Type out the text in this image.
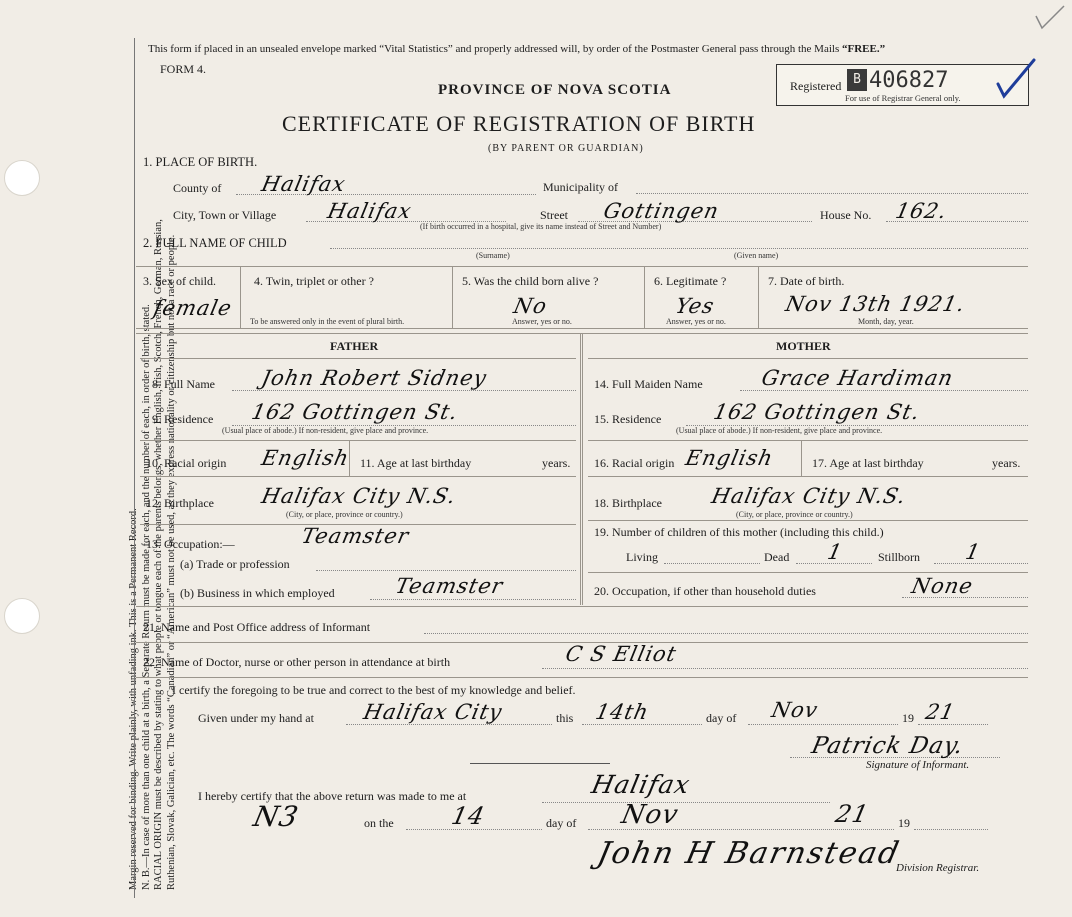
Margin reserved for binding. Write plainly, with unfading ink. This is a Permanent Record. N. B.—In case of more than one child at a birth, a Separate Return must be made for each, and the number of each, in order of birth, stated. RACIAL ORIGIN must be described by stating to what people or tongue each of the parents belongs, whether English, Irish, Scotch, French, German, Russian, Ruthenian, Slovak, Galician, etc. The words “Canadian” or “American” must not be used, as they express nationality or citizenship but not a race or people.
This form if placed in an unsealed envelope marked “Vital Statistics” and properly addressed will, by order of the Postmaster General pass through the Mails “FREE.”
FORM 4.
PROVINCE OF NOVA SCOTIA
CERTIFICATE OF REGISTRATION OF BIRTH
(BY PARENT OR GUARDIAN)
Registered B 406827
For use of Registrar General only.
1. PLACE OF BIRTH.
County of Halifax	Municipality of
City, Town or Village Halifax
(If birth occurred in a hospital, give its name instead of Street and Number)
Street Gottingen	House No. 162.
2. FULL NAME OF CHILD
(Surname)	(Given name)
3. Sex of child.
female
4. Twin, triplet or other ?
To be answered only in the event of plural birth.
5. Was the child born alive ?
No
Answer, yes or no.
6. Legitimate ?
Yes
Answer, yes or no.
7. Date of birth.
Nov 13th 1921.
Month, day, year.
FATHER
8. Full Name John Robert Sidney
9. Residence 162 Gottingen St.
(Usual place of abode.) If non-resident, give place and province.
10. Racial origin English 11. Age at last birthday	years.
12. Birthplace Halifax City N.S.
(City, or place, province or country.)
13. Occupation:—	Teamster
(a) Trade or profession
(b) Business in which employed	Teamster
MOTHER
14. Full Maiden Name	Grace Hardiman
15. Residence 162 Gottingen St.
(Usual place of abode.) If non-resident, give place and province.
16. Racial origin English	17. Age at last birthday	years.
18. Birthplace Halifax City N.S.
(City, or place, province or country.)
19. Number of children of this mother (including this child.)
Living	Dead 1	Stillborn 1
20. Occupation, if other than household duties	None
21. Name and Post Office address of Informant
22. Name of Doctor, nurse or other person in attendance at birth	C S Elliot
I certify the foregoing to be true and correct to the best of my knowledge and belief.
Given under my hand at Halifax City	this 14th	day of Nov	19 21
Patrick Day.
Signature of Informant.
I hereby certify that the above return was made to me at	Halifax
N3	on the 14	day of Nov	19
21
John H Barnstead
Division Registrar.
